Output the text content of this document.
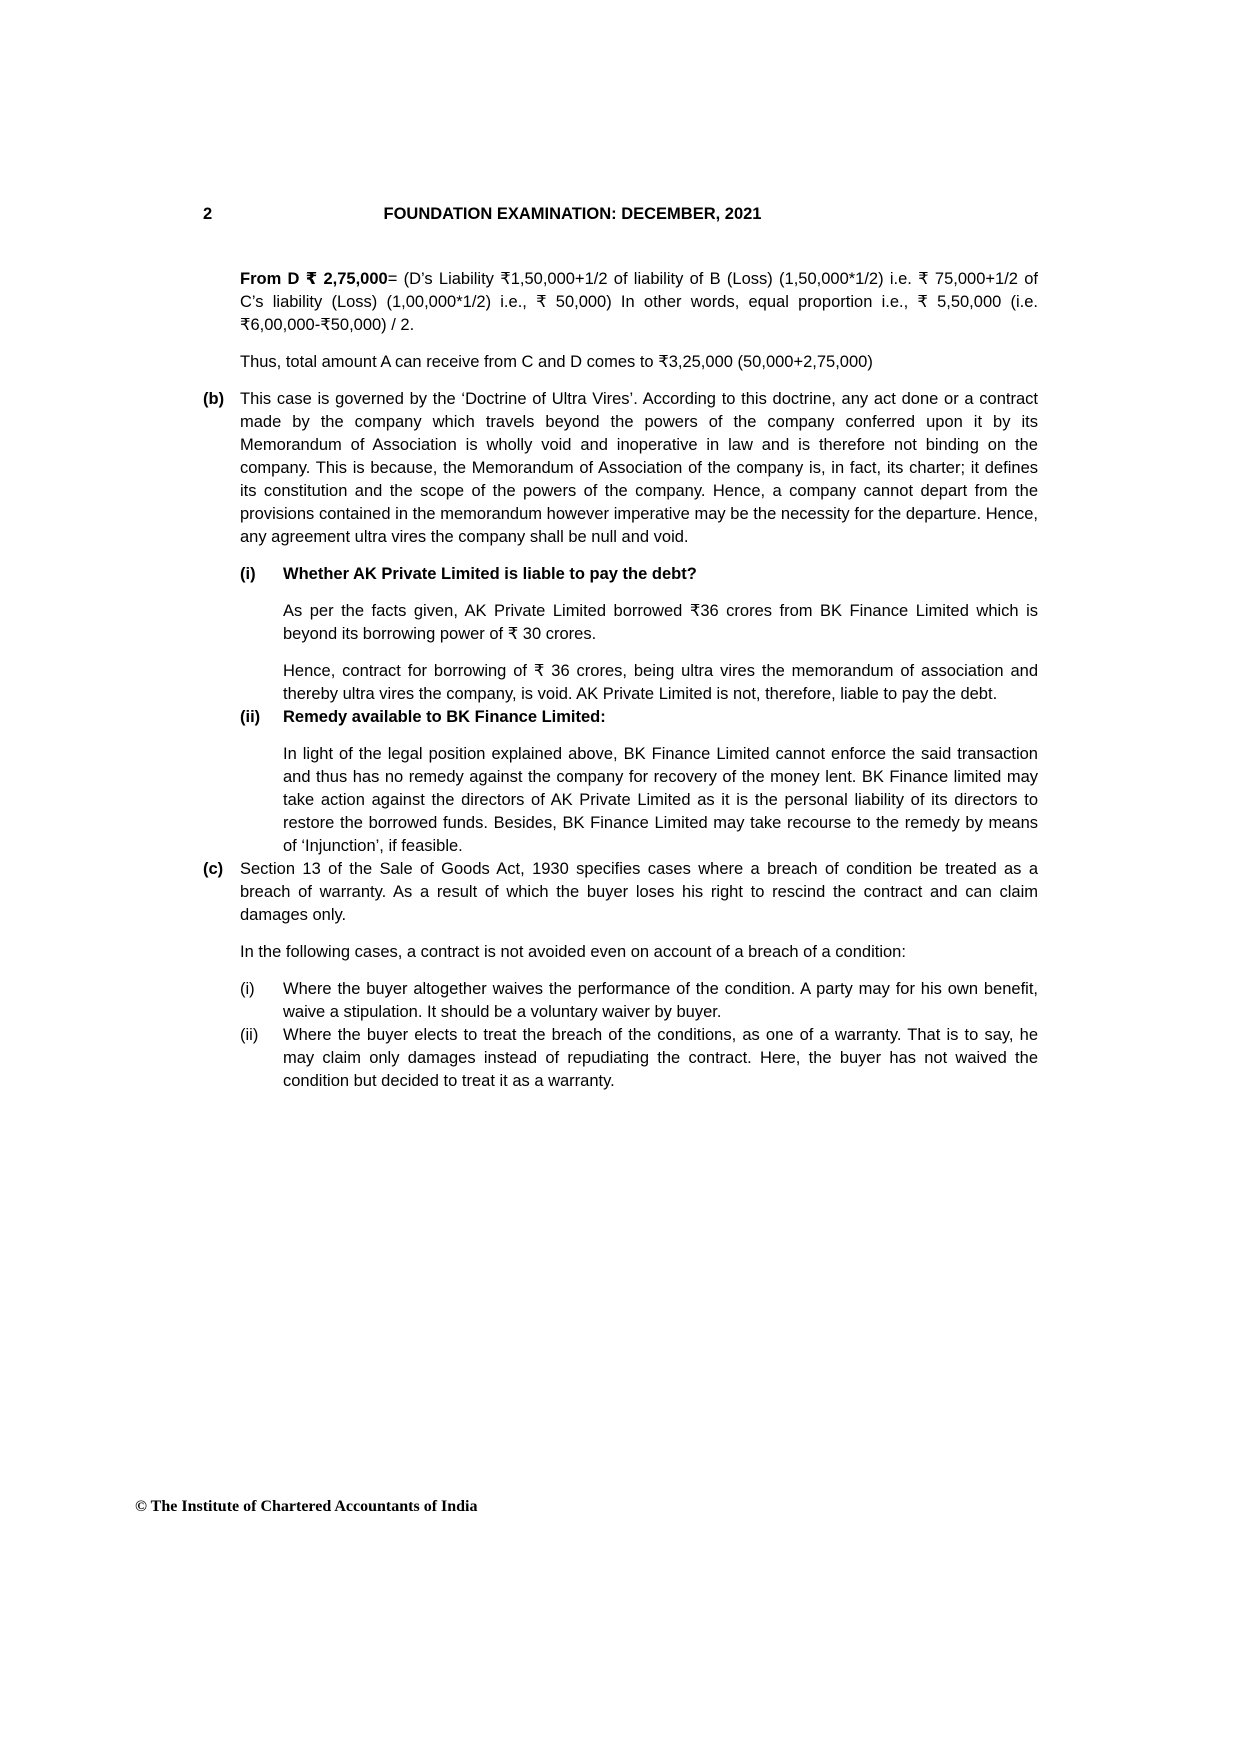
2	FOUNDATION EXAMINATION: DECEMBER, 2021

From D ₹ 2,75,000= (D’s Liability ₹1,50,000+1/2 of liability of B (Loss) (1,50,000*1/2) i.e. ₹ 75,000+1/2 of C’s liability (Loss) (1,00,000*1/2) i.e., ₹ 50,000) In other words, equal proportion i.e., ₹ 5,50,000 (i.e.₹6,00,000-₹50,000) / 2.

Thus, total amount A can receive from C and D comes to ₹3,25,000 (50,000+2,75,000)

(b) This case is governed by the ‘Doctrine of Ultra Vires’. According to this doctrine, any act done or a contract made by the company which travels beyond the powers of the company conferred upon it by its Memorandum of Association is wholly void and inoperative in law and is therefore not binding on the company. This is because, the Memorandum of Association of the company is, in fact, its charter; it defines its constitution and the scope of the powers of the company. Hence, a company cannot depart from the provisions contained in the memorandum however imperative may be the necessity for the departure. Hence, any agreement ultra vires the company shall be null and void.

(i)	Whether AK Private Limited is liable to pay the debt?

As per the facts given, AK Private Limited borrowed ₹36 crores from BK Finance Limited which is beyond its borrowing power of ₹ 30 crores.

Hence, contract for borrowing of ₹ 36 crores, being ultra vires the memorandum of association and thereby ultra vires the company, is void. AK Private Limited is not, therefore, liable to pay the debt.

(ii)	Remedy available to BK Finance Limited:

In light of the legal position explained above, BK Finance Limited cannot enforce the said transaction and thus has no remedy against the company for recovery of the money lent. BK Finance limited may take action against the directors of AK Private Limited as it is the personal liability of its directors to restore the borrowed funds. Besides, BK Finance Limited may take recourse to the remedy by means of ‘Injunction’, if feasible.

(c)	Section 13 of the Sale of Goods Act, 1930 specifies cases where a breach of condition be treated as a breach of warranty. As a result of which the buyer loses his right to rescind the contract and can claim damages only.

In the following cases, a contract is not avoided even on account of a breach of a condition:

(i)	Where the buyer altogether waives the performance of the condition. A party may for his own benefit, waive a stipulation. It should be a voluntary waiver by buyer.

(ii)	Where the buyer elects to treat the breach of the conditions, as one of a warranty. That is to say, he may claim only damages instead of repudiating the contract. Here, the buyer has not waived the condition but decided to treat it as a warranty.

© The Institute of Chartered Accountants of India
